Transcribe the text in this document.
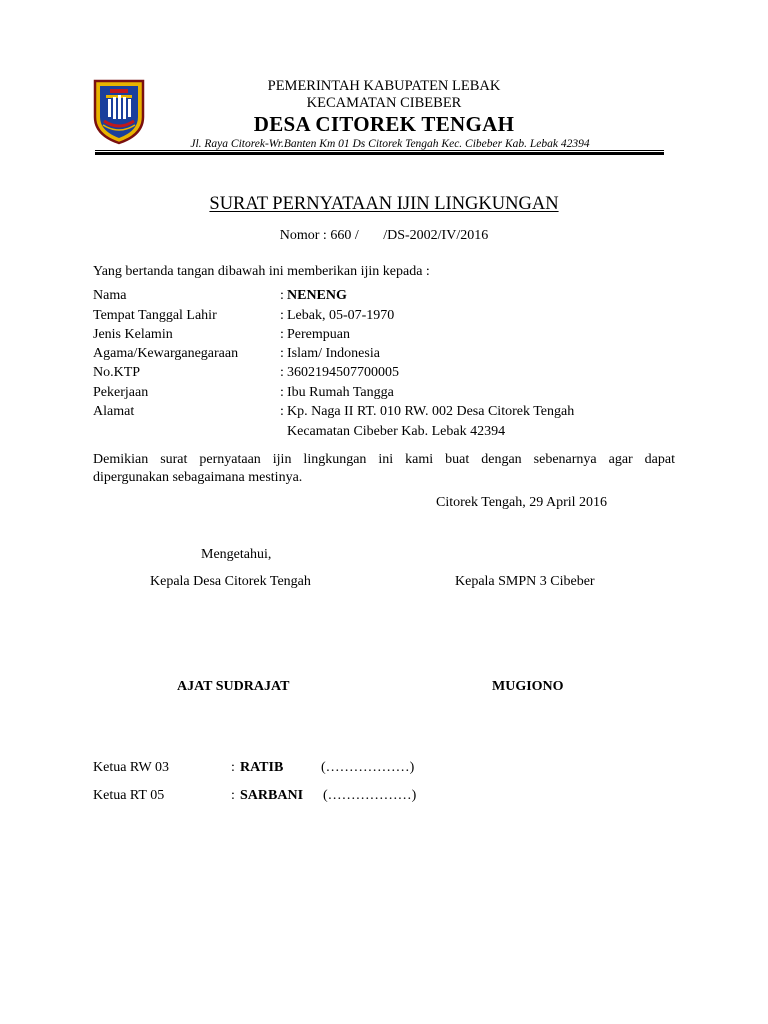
PEMERINTAH KABUPATEN LEBAK
KECAMATAN CIBEBER
DESA CITOREK TENGAH
Jl. Raya Citorek-Wr.Banten Km 01 Ds Citorek Tengah Kec. Cibeber Kab. Lebak 42394
SURAT PERNYATAAN IJIN LINGKUNGAN
Nomor : 660 /       /DS-2002/IV/2016
Yang bertanda tangan dibawah ini memberikan ijin kepada :
Nama	: NENENG
Tempat Tanggal Lahir	: Lebak, 05-07-1970
Jenis Kelamin	: Perempuan
Agama/Kewarganegaraan	: Islam/ Indonesia
No.KTP	: 3602194507700005
Pekerjaan	: Ibu Rumah Tangga
Alamat	: Kp. Naga II RT. 010 RW. 002 Desa Citorek Tengah
Kecamatan Cibeber Kab. Lebak 42394
Demikian surat pernyataan ijin lingkungan ini kami buat dengan sebenarnya agar dapat
dipergunakan sebagaimana mestinya.
Citorek Tengah, 29 April 2016
Mengetahui,
Kepala Desa Citorek Tengah	Kepala SMPN 3 Cibeber
AJAT SUDRAJAT	MUGIONO
Ketua RW 03	: RATIB	(………………)
Ketua RT 05	: SARBANI (………………)
